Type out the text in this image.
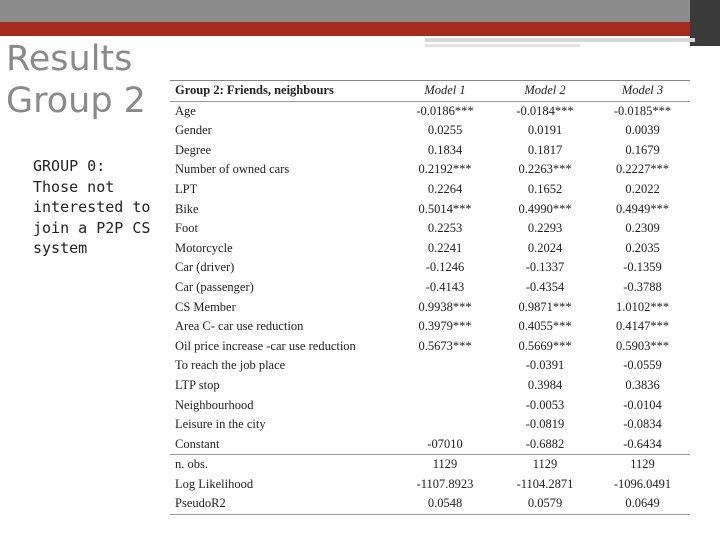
Results
Group 2
GROUP 0:
Those not
interested to
join a P2P CS
system
Group 2: Friends, neighbours	Model 1	Model 2	Model 3
Age	-0.0186***	-0.0184***	-0.0185***
Gender	0.0255	0.0191	0.0039
Degree	0.1834	0.1817	0.1679
Number of owned cars	0.2192***	0.2263***	0.2227***
LPT	0.2264	0.1652	0.2022
Bike	0.5014***	0.4990***	0.4949***
Foot	0.2253	0.2293	0.2309
Motorcycle	0.2241	0.2024	0.2035
Car (driver)	-0.1246	-0.1337	-0.1359
Car (passenger)	-0.4143	-0.4354	-0.3788
CS Member	0.9938***	0.9871***	1.0102***
Area C- car use reduction	0.3979***	0.4055***	0.4147***
Oil price increase -car use reduction	0.5673***	0.5669***	0.5903***
To reach the job place		-0.0391	-0.0559
LTP stop		0.3984	0.3836
Neighbourhood		-0.0053	-0.0104
Leisure in the city		-0.0819	-0.0834
Constant	-07010	-0.6882	-0.6434
n. obs.	1129	1129	1129
Log Likelihood	-1107.8923	-1104.2871	-1096.0491
PseudoR2	0.0548	0.0579	0.0649
